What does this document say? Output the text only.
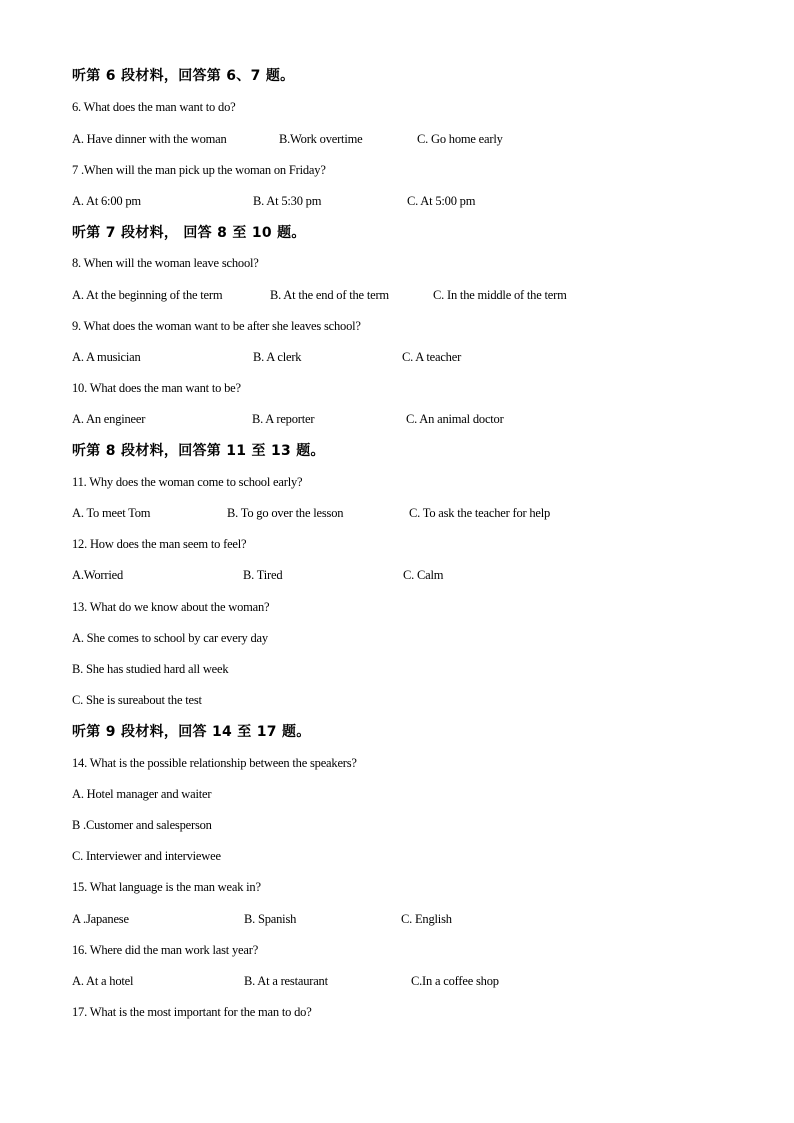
听第 6 段材料，回答第 6、7 题。
6. What does the man want to do?
A. Have dinner with the woman	B.Work overtime	C. Go home early
7 .When will the man pick up the woman on Friday?
A. At 6:00 pm	B. At 5:30 pm	C. At 5:00 pm
听第 7 段材料， 回答 8 至 10 题。
8. When will the woman leave school?
A. At the beginning of the term	B. At the end of the term	C. In the middle of the term
9. What does the woman want to be after she leaves school?
A. A musician	B. A clerk	C. A teacher
10. What does the man want to be?
A. An engineer	B. A reporter	C. An animal doctor
听第 8 段材料，回答第 11 至 13 题。
11. Why does the woman come to school early?
A. To meet Tom	B. To go over the lesson	C. To ask the teacher for help
12. How does the man seem to feel?
A.Worried	B. Tired	C. Calm
13. What do we know about the woman?
A. She comes to school by car every day
B. She has studied hard all week
C. She is sureabout the test
听第 9 段材料，回答 14 至 17 题。
14. What is the possible relationship between the speakers?
A. Hotel manager and waiter
B .Customer and salesperson
C. Interviewer and interviewee
15. What language is the man weak in?
A .Japanese	B. Spanish	C. English
16. Where did the man work last year?
A. At a hotel	B. At a restaurant	C.In a coffee shop
17. What is the most important for the man to do?
